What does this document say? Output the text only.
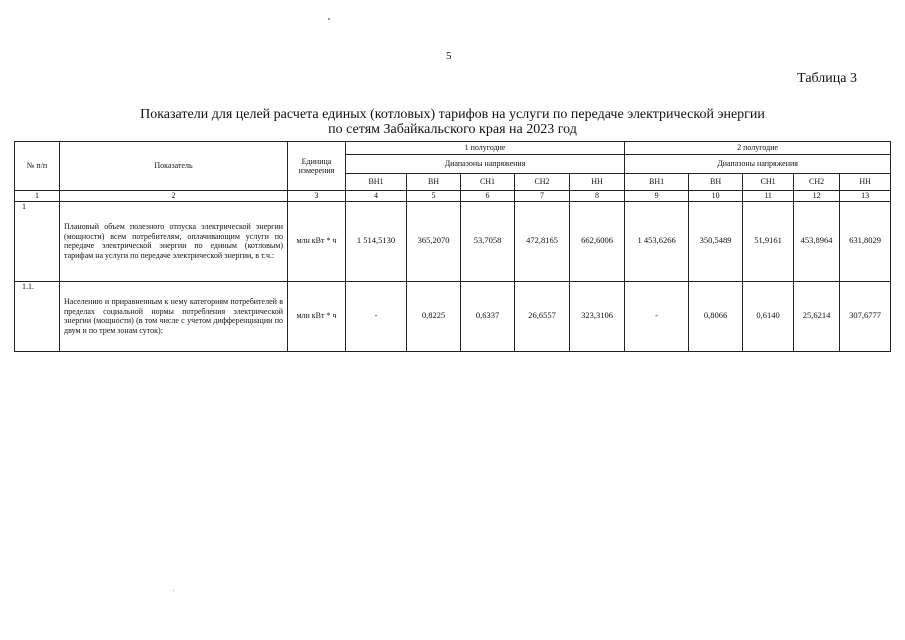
5
Таблица 3
Показатели для целей расчета единых (котловых) тарифов на услуги по передаче электрической энергии
по сетям Забайкальского края на 2023 год
№ п/п	Показатель	Единица измерения	1 полугодие					2 полугодие				
			Диапазоны напряжения					Диапазоны напряжения				
			ВН1	ВН	СН1	СН2	НН	ВН1	ВН	СН1	СН2	НН
1	2	3	4	5	6	7	8	9	10	11	12	13
1	Плановый объем полезного отпуска электрической энергии (мощности) всем потребителям, оплачивающим услуги по передаче электрической энергии по единым (котловым) тарифам на услуги по передаче электрической энергии, в т.ч.:	млн кВт * ч	1 514,5130	365,2070	53,7058	472,8165	662,6006	1 453,6266	350,5489	51,9161	453,8964	631,8029
1.1.	Населению и приравненным к нему категориям потребителей в пределах социальной нормы потребления электрической энергии (мощности) (в том числе с учетом дифференциации по двум и по трем зонам суток):	млн кВт * ч	-	0,8225	0,6337	26,6557	323,3106	-	0,8066	0,6140	25,6214	307,6777
